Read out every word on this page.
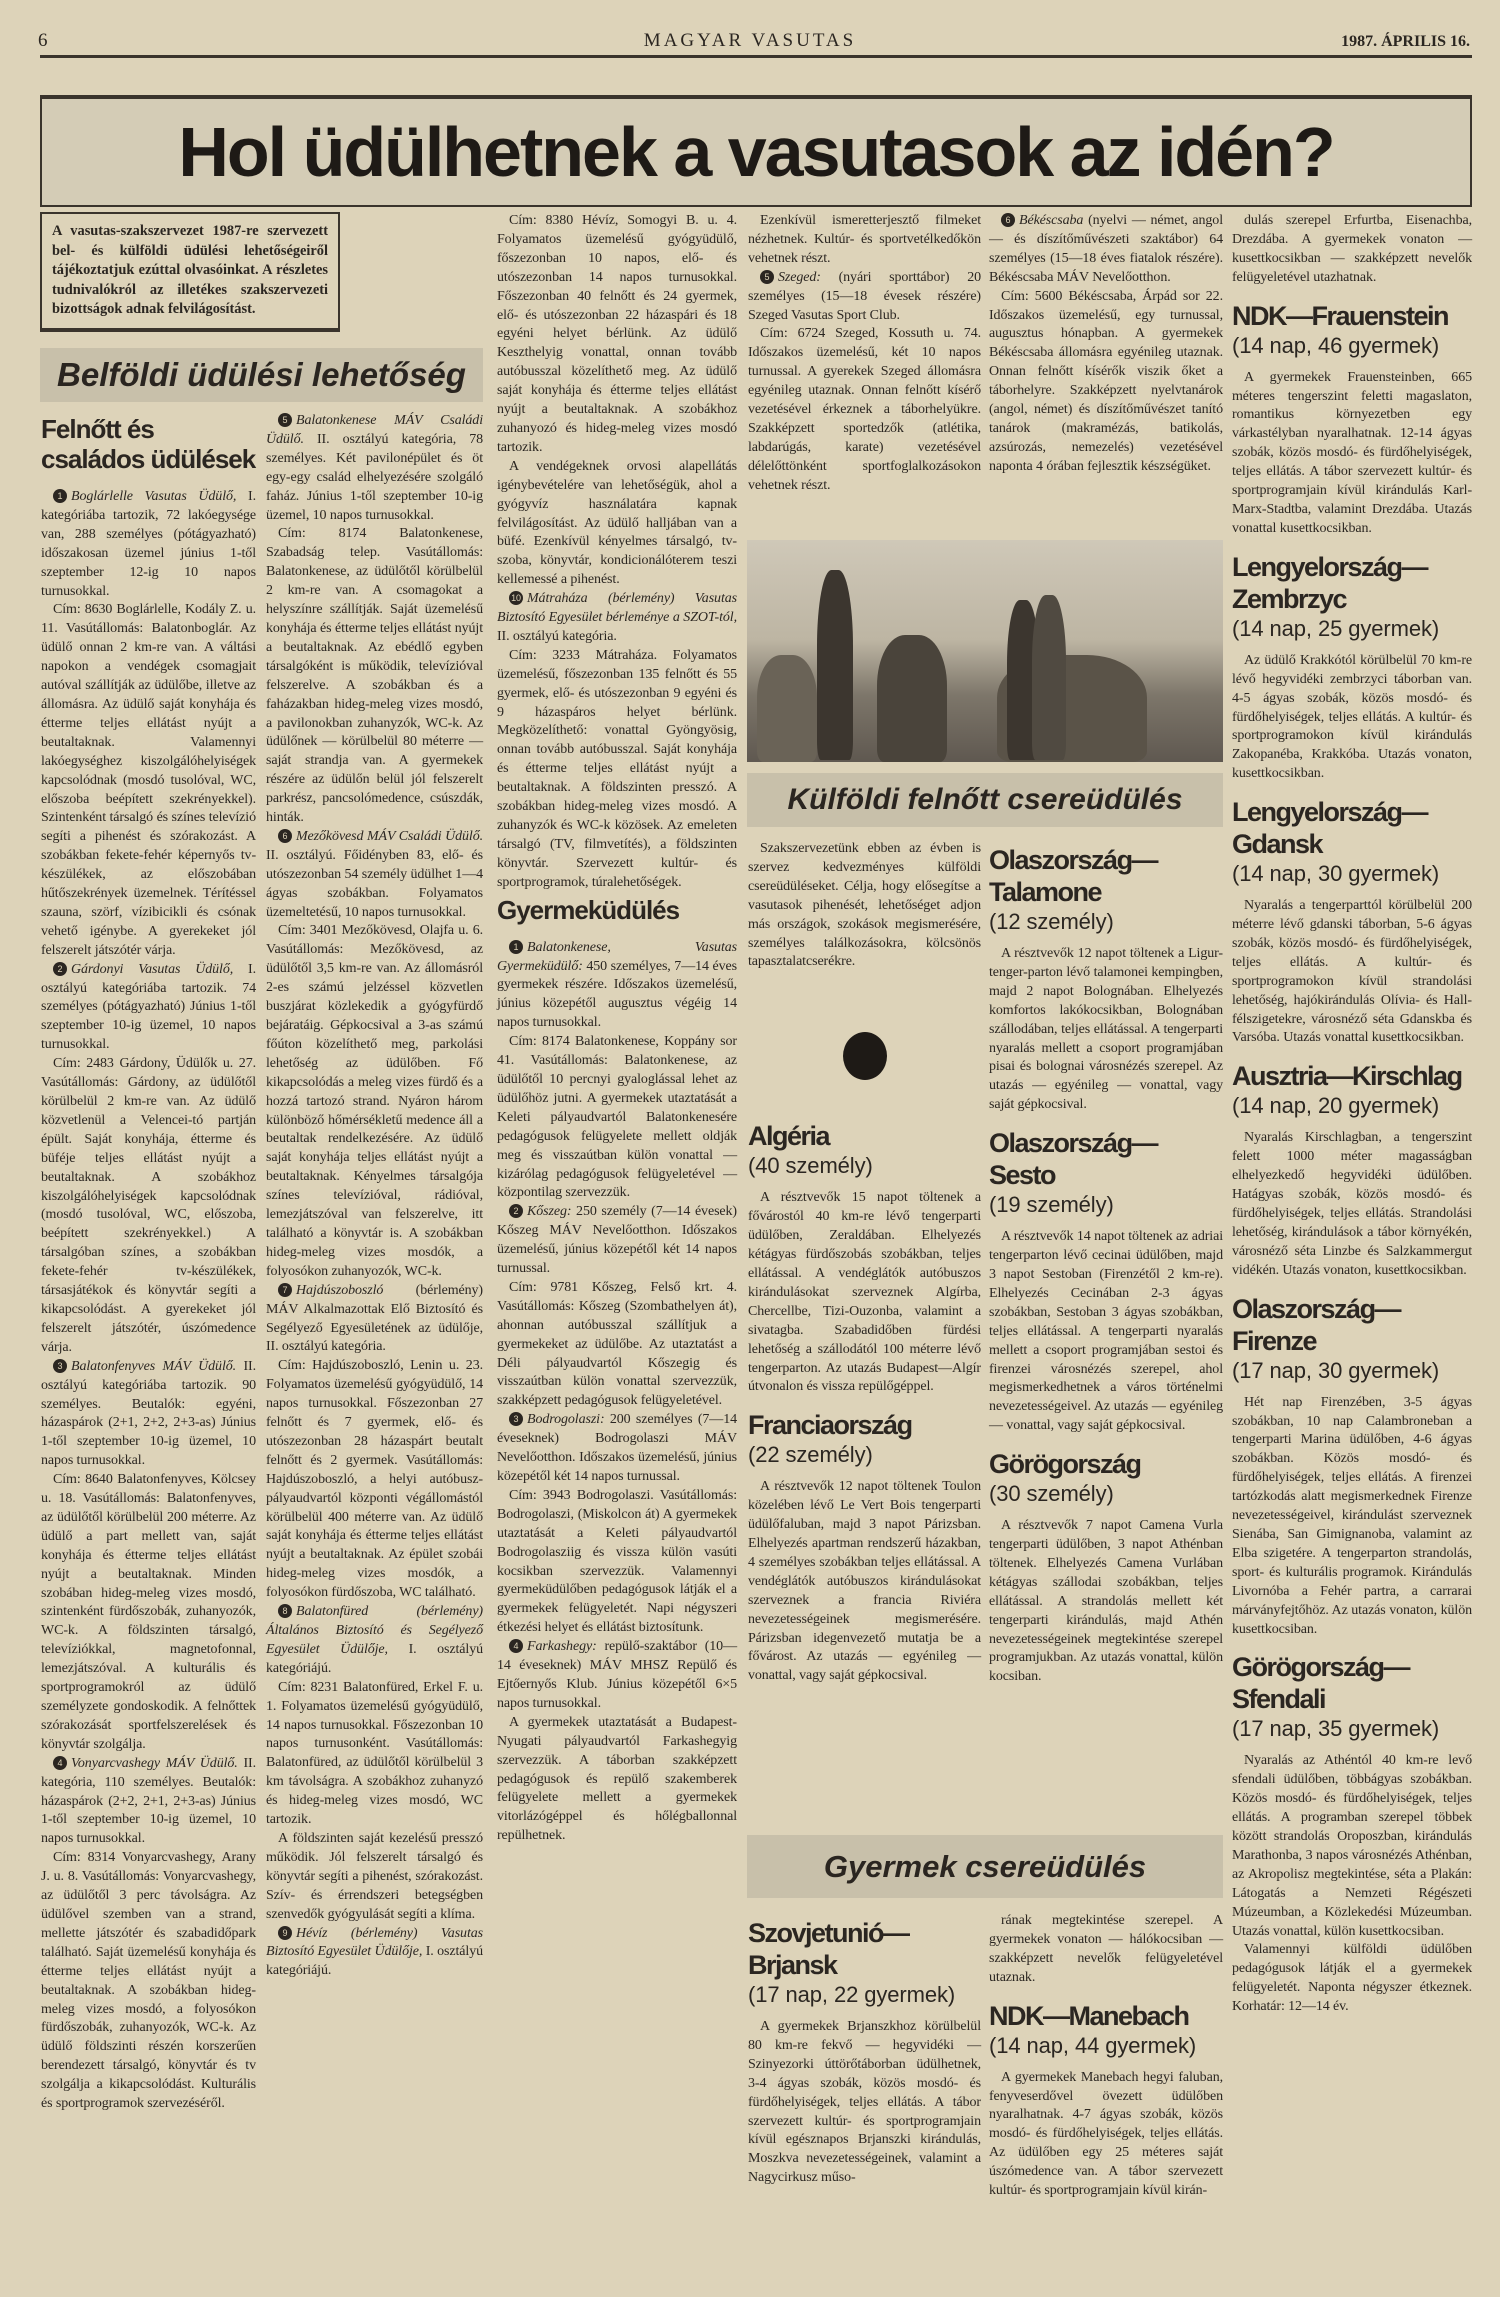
6	MAGYAR VASUTAS	1987. ÁPRILIS 16.
Hol üdülhetnek a vasutasok az idén?
A vasutas-szakszervezet 1987-re szervezett bel- és külföldi üdülési lehetőségeiről tájékoztatjuk ezúttal olvasóinkat. A részletes tudnivalókról az illetékes szakszervezeti bizottságok adnak felvilágosítást.
Belföldi üdülési lehetőség
Felnőtt és családos üdülések

1 Boglárlelle Vasutas Üdülő, I. kategóriába tartozik, 72 lakóegysége van, 288 személyes (pótágyazható) időszakosan üzemel június 1-től szeptember 12-ig 10 napos turnusokkal.

Cím: 8630 Boglárlelle, Kodály Z. u. 11. Vasútállomás: Balatonboglár. Az üdülő onnan 2 km-re van. A váltási napokon a vendégek csomagjait autóval szállítják az üdülőbe, illetve az állomásra. Az üdülő saját konyhája és étterme teljes ellátást nyújt a beutaltaknak. Valamennyi lakóegységhez kiszolgálóhelyiségek kapcsolódnak (mosdó tusolóval, WC, előszoba beépített szekrényekkel). Szintenként társalgó és színes televízió segíti a pihenést és szórakozást. A szobákban fekete-fehér képernyős tv-készülékek, az előszobában hűtőszekrények üzemelnek. Térítéssel szauna, szörf, vízibicikli és csónak vehető igénybe. A gyerekeket jól felszerelt játszótér várja.

2 Gárdonyi Vasutas Üdülő, I. osztályú kategóriába tartozik. 74 személyes (pótágyazható) Június 1-től szeptember 10-ig üzemel, 10 napos turnusokkal.

Cím: 2483 Gárdony, Üdülők u. 27. Vasútállomás: Gárdony, az üdülőtől körülbelül 2 km-re van. Az üdülő közvetlenül a Velencei-tó partján épült. Saját konyhája, étterme és büféje teljes ellátást nyújt a beutaltaknak. A szobákhoz kiszolgálóhelyiségek kapcsolódnak (mosdó tusolóval, WC, előszoba, beépített szekrényekkel.) A társalgóban színes, a szobákban fekete-fehér tv-készülékek, társasjátékok és könyvtár segíti a kikapcsolódást. A gyerekeket jól felszerelt játszótér, úszómedence várja.

3 Balatonfenyves MÁV Üdülő. II. osztályú kategóriába tartozik. 90 személyes. Beutalók: egyéni, házaspárok (2+1, 2+2, 2+3-as) Június 1-től szeptember 10-ig üzemel, 10 napos turnusokkal.

Cím: 8640 Balatonfenyves, Kölcsey u. 18. Vasútállomás: Balatonfenyves, az üdülőtől körülbelül 200 méterre. Az üdülő a part mellett van, saját konyhája és étterme teljes ellátást nyújt a beutaltaknak. Minden szobában hideg-meleg vizes mosdó, szintenként fürdőszobák, zuhanyozók, WC-k. A földszinten társalgó, televíziókkal, magnetofonnal, lemezjátszóval. A kulturális és sportprogramokról az üdülő személyzete gondoskodik. A felnőttek szórakozását sportfelszerelések és könyvtár szolgálja.

4 Vonyarcvashegy MÁV Üdülő. II. kategória, 110 személyes. Beutalók: házaspárok (2+2, 2+1, 2+3-as) Június 1-től szeptember 10-ig üzemel, 10 napos turnusokkal.

Cím: 8314 Vonyarcvashegy, Arany J. u. 8. Vasútállomás: Vonyarcvashegy, az üdülőtől 3 perc távolságra. Az üdülővel szemben van a strand, mellette játszótér és szabadidőpark található. Saját üzemelésű konyhája és étterme teljes ellátást nyújt a beutaltaknak. A szobákban hideg-meleg vizes mosdó, a folyosókon fürdőszobák, zuhanyozók, WC-k. Az üdülő földszinti részén korszerűen berendezett társalgó, könyvtár és tv szolgálja a kikapcsolódást. Kulturális és sportprogramok szervezéséről.

5 Balatonkenese MÁV Családi Üdülő. II. osztályú kategória, 78 személyes. Két pavilonépület és öt egy-egy család elhelyezésére szolgáló faház. Június 1-től szeptember 10-ig üzemel, 10 napos turnusokkal.

Cím: 8174 Balatonkenese, Szabadság telep. Vasútállomás: Balatonkenese, az üdülőtől körülbelül 2 km-re van. A csomagokat a helyszínre szállítják. Saját üzemelésű konyhája és étterme teljes ellátást nyújt a beutaltaknak. Az ebédlő egyben társalgóként is működik, televízióval felszerelve. A szobákban és a faházakban hideg-meleg vizes mosdó, a pavilonokban zuhanyzók, WC-k. Az üdülőnek — körülbelül 80 méterre — saját strandja van. A gyermekek részére az üdülőn belül jól felszerelt parkrész, pancsolómedence, csúszdák, hinták.

6 Mezőkövesd MÁV Családi Üdülő. II. osztályú. Főidényben 83, elő- és utószezonban 54 személy üdülhet 1—4 ágyas szobákban. Folyamatos üzemeltetésű, 10 napos turnusokkal.

Cím: 3401 Mezőkövesd, Olajfa u. 6. Vasútállomás: Mezőkövesd, az üdülőtől 3,5 km-re van. Az állomásról 2-es számú jelzéssel közvetlen buszjárat közlekedik a gyógyfürdő bejáratáig. Gépkocsival a 3-as számú főúton közelíthető meg, parkolási lehetőség az üdülőben. Fő kikapcsolódás a meleg vizes fürdő és a hozzá tartozó strand. Nyáron három különböző hőmérsékletű medence áll a beutaltak rendelkezésére. Az üdülő saját konyhája teljes ellátást nyújt a beutaltaknak. Kényelmes társalgója színes televízióval, rádióval, lemezjátszóval van felszerelve, itt található a könyvtár is. A szobákban hideg-meleg vizes mosdók, a folyosókon zuhanyozók, WC-k.

7 Hajdúszoboszló (bérlemény) MÁV Alkalmazottak Elő Biztosító és Segélyező Egyesületének az üdülője, II. osztályú kategória.

Cím: Hajdúszoboszló, Lenin u. 23. Folyamatos üzemelésű gyógyüdülő, 14 napos turnusokkal. Főszezonban 27 felnőtt és 7 gyermek, elő- és utószezonban 28 házaspárt beutalt felnőtt és 2 gyermek. Vasútállomás: Hajdúszoboszló, a helyi autóbusz-pályaudvartól központi végállomástól körülbelül 400 méterre van. Az üdülő saját konyhája és étterme teljes ellátást nyújt a beutaltaknak. Az épület szobái hideg-meleg vizes mosdók, a folyosókon fürdőszoba, WC található.

8 Balatonfüred (bérlemény) Általános Biztosító és Segélyező Egyesület Üdülője, I. osztályú kategóriájú.

Cím: 8231 Balatonfüred, Erkel F. u. 1. Folyamatos üzemelésű gyógyüdülő, 14 napos turnusokkal. Főszezonban 10 napos turnusonként. Vasútállomás: Balatonfüred, az üdülőtől körülbelül 3 km távolságra. A szobákhoz zuhanyzó és hideg-meleg vizes mosdó, WC tartozik.

A földszinten saját kezelésű presszó működik. Jól felszerelt társalgó és könyvtár segíti a pihenést, szórakozást. Szív- és érrendszeri betegségben szenvedők gyógyulását segíti a klíma.

9 Hévíz (bérlemény) Vasutas Biztosító Egyesület Üdülője, I. osztályú kategóriájú.

Cím: 8380 Hévíz, Somogyi B. u. 4. Folyamatos üzemelésű gyógyüdülő, főszezonban 10 napos, elő- és utószezonban 14 napos turnusokkal. Főszezonban 40 felnőtt és 24 gyermek, elő- és utószezonban 22 házaspári és 18 egyéni helyet bérlünk. Az üdülő Keszthelyig vonattal, onnan tovább autóbusszal közelíthető meg. Az üdülő saját konyhája és étterme teljes ellátást nyújt a beutaltaknak. A szobákhoz zuhanyozó és hideg-meleg vizes mosdó tartozik.

A vendégeknek orvosi alapellátás igénybevételére van lehetőségük, ahol a gyógyvíz használatára kapnak felvilágosítást. Az üdülő halljában van a büfé. Ezenkívül kényelmes társalgó, tv-szoba, könyvtár, kondicionálóterem teszi kellemessé a pihenést.

10 Mátraháza (bérlemény) Vasutas Biztosító Egyesület bérleménye a SZOT-tól, II. osztályú kategória.

Cím: 3233 Mátraháza. Folyamatos üzemelésű, főszezonban 135 felnőtt és 55 gyermek, elő- és utószezonban 9 egyéni és 9 házaspáros helyet bérlünk. Megközelíthető: vonattal Gyöngyösig, onnan tovább autóbusszal. Saját konyhája és étterme teljes ellátást nyújt a beutaltaknak. A földszinten presszó. A szobákban hideg-meleg vizes mosdó. A zuhanyzók és WC-k közösek. Az emeleten társalgó (TV, filmvetítés), a földszinten könyvtár. Szervezett kultúr- és sportprogramok, túralehetőségek.

Gyermeküdülés

1 Balatonkenese, Vasutas Gyermeküdülő: 450 személyes, 7—14 éves gyermekek részére. Időszakos üzemelésű, június közepétől augusztus végéig 14 napos turnusokkal.

Cím: 8174 Balatonkenese, Koppány sor 41. Vasútállomás: Balatonkenese, az üdülőtől 10 percnyi gyaloglással lehet az üdülőhöz jutni. A gyermekek utaztatását a Keleti pályaudvartól Balatonkenesére pedagógusok felügyelete mellett oldják meg és visszaútban külön vonattal — kizárólag pedagógusok felügyeletével — központilag szervezzük.

2 Kőszeg: 250 személy (7—14 évesek) Kőszeg MÁV Nevelőotthon. Időszakos üzemelésű, június közepétől két 14 napos turnussal.

Cím: 9781 Kőszeg, Felső krt. 4. Vasútállomás: Kőszeg (Szombathelyen át), ahonnan autóbusszal szállítjuk a gyermekeket az üdülőbe. Az utaztatást a Déli pályaudvartól Kőszegig és visszaútban külön vonattal szervezzük, szakképzett pedagógusok felügyeletével.

3 Bodrogolaszi: 200 személyes (7—14 éveseknek) Bodrogolaszi MÁV Nevelőotthon. Időszakos üzemelésű, június közepétől két 14 napos turnussal.

Cím: 3943 Bodrogolaszi. Vasútállomás: Bodrogolaszi, (Miskolcon át) A gyermekek utaztatását a Keleti pályaudvartól Bodrogolasziig és vissza külön vasúti kocsikban szervezzük. Valamennyi gyermeküdülőben pedagógusok látják el a gyermekek felügyeletét. Napi négyszeri étkezési helyet és ellátást biztosítunk.

4 Farkashegy: repülő-szaktábor (10—14 éveseknek) MÁV MHSZ Repülő és Ejtőernyős Klub. Június közepétől 6×5 napos turnusokkal.

A gyermekek utaztatását a Budapest-Nyugati pályaudvartól Farkashegyig szervezzük. A táborban szakképzett pedagógusok és repülő szakemberek felügyelete mellett a gyermekek vitorlázógéppel és hőlégballonnal repülhetnek.

Ezenkívül ismeretterjesztő filmeket nézhetnek. Kultúr- és sportvetélkedőkön vehetnek részt.

5 Szeged: (nyári sporttábor) 20 személyes (15—18 évesek részére) Szeged Vasutas Sport Club.

Cím: 6724 Szeged, Kossuth u. 74. Időszakos üzemelésű, két 10 napos turnussal. A gyerekek Szeged állomásra egyénileg utaznak. Onnan felnőtt kísérő vezetésével érkeznek a táborhelyükre. Szakképzett sportedzők (atlétika, labdarúgás, karate) vezetésével délelőttönként sportfoglalkozásokon vehetnek részt.

6 Békéscsaba (nyelvi — német, angol — és díszítőművészeti szaktábor) 64 személyes (15—18 éves fiatalok részére). Békéscsaba MÁV Nevelőotthon.

Cím: 5600 Békéscsaba, Árpád sor 22. Időszakos üzemelésű, egy turnussal, augusztus hónapban. A gyermekek Békéscsaba állomásra egyénileg utaznak. Onnan felnőtt kísérők viszik őket a táborhelyre. Szakképzett nyelvtanárok (angol, német) és díszítőművészet tanító tanárok (makramézás, batikolás, azsúrozás, nemezelés) vezetésével naponta 4 órában fejlesztik készségüket.

Külföldi felnőtt csereüdülés

Szakszervezetünk ebben az évben is szervez kedvezményes külföldi csereüdüléseket. Célja, hogy elősegítse a vasutasok pihenését, lehetőséget adjon más országok, szokások megismerésére, személyes találkozásokra, kölcsönös tapasztalatcserékre.

Algéria
(40 személy)

A résztvevők 15 napot töltenek a fővárostól 40 km-re lévő tengerparti üdülőben, Zeraldában. Elhelyezés kétágyas fürdőszobás szobákban, teljes ellátással. A vendéglátók autóbuszos kirándulásokat szerveznek Algírba, Chercellbe, Tizi-Ouzonba, valamint a sivatagba. Szabadidőben fürdési lehetőség a szállodától 100 méterre lévő tengerparton. Az utazás Budapest—Algír útvonalon és vissza repülőgéppel.

Franciaország
(22 személy)

A résztvevők 12 napot töltenek Toulon közelében lévő Le Vert Bois tengerparti üdülőfaluban, majd 3 napot Párizsban. Elhelyezés apartman rendszerű házakban, 4 személyes szobákban teljes ellátással. A vendéglátók autóbuszos kirándulásokat szerveznek a francia Riviéra nevezetességeinek megismerésére. Párizsban idegenvezető mutatja be a fővárost. Az utazás — egyénileg — vonattal, vagy saját gépkocsival.

Olaszország— Talamone
(12 személy)

A résztvevők 12 napot töltenek a Ligur-tenger-parton lévő talamonei kempingben, majd 2 napot Bolognában. Elhelyezés komfortos lakókocsikban, Bolognában szállodában, teljes ellátással. A tengerparti nyaralás mellett a csoport programjában pisai és bolognai városnézés szerepel. Az utazás — egyénileg — vonattal, vagy saját gépkocsival.

Olaszország— Sesto
(19 személy)

A résztvevők 14 napot töltenek az adriai tengerparton lévő cecinai üdülőben, majd 3 napot Sestoban (Firenzétől 2 km-re). Elhelyezés Cecinában 2-3 ágyas szobákban, Sestoban 3 ágyas szobákban, teljes ellátással. A tengerparti nyaralás mellett a csoport programjában sestoi és firenzei városnézés szerepel, ahol megismerkedhetnek a város történelmi nevezetességeivel. Az utazás — egyénileg — vonattal, vagy saját gépkocsival.

Görögország
(30 személy)

A résztvevők 7 napot Camena Vurla tengerparti üdülőben, 3 napot Athénban töltenek. Elhelyezés Camena Vurlában kétágyas szállodai szobákban, teljes ellátással. A strandolás mellett két tengerparti kirándulás, majd Athén nevezetességeinek megtekintése szerepel programjukban. Az utazás vonattal, külön kocsiban.

Gyermek csereüdülés
Szovjetunió— Brjansk
(17 nap, 22 gyermek)

A gyermekek Brjanszkhoz körülbelül 80 km-re fekvő — hegyvidéki — Szinyezorki úttörőtáborban üdülhetnek, 3-4 ágyas szobák, közös mosdó- és fürdőhelyiségek, teljes ellátás. A tábor szervezett kultúr- és sportprogramjain kívül egésznapos Brjanszki kirándulás, Moszkva nevezetességeinek, valamint a Nagycirkusz műso-

rának megtekintése szerepel. A gyermekek vonaton — hálókocsiban — szakképzett nevelők felügyeletével utaznak.

NDK—Manebach
(14 nap, 44 gyermek)

A gyermekek Manebach hegyi faluban, fenyveserdővel övezett üdülőben nyaralhatnak. 4-7 ágyas szobák, közös mosdó- és fürdőhelyiségek, teljes ellátás. Az üdülőben egy 25 méteres saját úszómedence van. A tábor szervezett kultúr- és sportprogramjain kívül kirán-

dulás szerepel Erfurtba, Eisenachba, Drezdába. A gyermekek vonaton — kusettkocsikban — szakképzett nevelők felügyeletével utazhatnak.

NDK—Frauenstein
(14 nap, 46 gyermek)

A gyermekek Frauensteinben, 665 méteres tengerszint feletti magaslaton, romantikus környezetben egy várkastélyban nyaralhatnak. 12-14 ágyas szobák, közös mosdó- és fürdőhelyiségek, teljes ellátás. A tábor szervezett kultúr- és sportprogramjain kívül kirándulás Karl-Marx-Stadtba, valamint Drezdába. Utazás vonattal kusettkocsikban.

Lengyelország— Zembrzyc
(14 nap, 25 gyermek)

Az üdülő Krakkótól körülbelül 70 km-re lévő hegyvidéki zembrzyci táborban van. 4-5 ágyas szobák, közös mosdó- és fürdőhelyiségek, teljes ellátás. A kultúr- és sportprogramokon kívül kirándulás Zakopanéba, Krakkóba. Utazás vonaton, kusettkocsikban.

Lengyelország— Gdansk
(14 nap, 30 gyermek)

Nyaralás a tengerparttól körülbelül 200 méterre lévő gdanski táborban, 5-6 ágyas szobák, közös mosdó- és fürdőhelyiségek, teljes ellátás. A kultúr- és sportprogramokon kívül strandolási lehetőség, hajókirándulás Olívia- és Hall-félszigetekre, városnéző séta Gdanskba és Varsóba. Utazás vonattal kusettkocsikban.

Ausztria—Kirschlag
(14 nap, 20 gyermek)

Nyaralás Kirschlagban, a tengerszint felett 1000 méter magasságban elhelyezkedő hegyvidéki üdülőben. Hatágyas szobák, közös mosdó- és fürdőhelyiségek, teljes ellátás. Strandolási lehetőség, kirándulások a tábor környékén, városnéző séta Linzbe és Salzkammergut vidékén. Utazás vonaton, kusettkocsikban.

Olaszország—Firenze
(17 nap, 30 gyermek)

Hét nap Firenzében, 3-5 ágyas szobákban, 10 nap Calambroneban a tengerparti Marina üdülőben, 4-6 ágyas szobákban. Közös mosdó- és fürdőhelyiségek, teljes ellátás. A firenzei tartózkodás alatt megismerkednek Firenze nevezetességeivel, kirándulást szerveznek Sienába, San Gimignanoba, valamint az Elba szigetére. A tengerparton strandolás, sport- és kulturális programok. Kirándulás Livornóba a Fehér partra, a carrarai márványfejtőhöz. Az utazás vonaton, külön kusettkocsiban.

Görögország—Sfendali
(17 nap, 35 gyermek)

Nyaralás az Athéntól 40 km-re levő sfendali üdülőben, többágyas szobákban. Közös mosdó- és fürdőhelyiségek, teljes ellátás. A programban szerepel többek között strandolás Oroposzban, kirándulás Marathonba, 3 napos városnézés Athénban, az Akropolisz megtekintése, séta a Plakán: Látogatás a Nemzeti Régészeti Múzeumban, a Közlekedési Múzeumban. Utazás vonattal, külön kusettkocsiban.

Valamennyi külföldi üdülőben pedagógusok látják el a gyermekek felügyeletét. Naponta négyszer étkeznek. Korhatár: 12—14 év.
